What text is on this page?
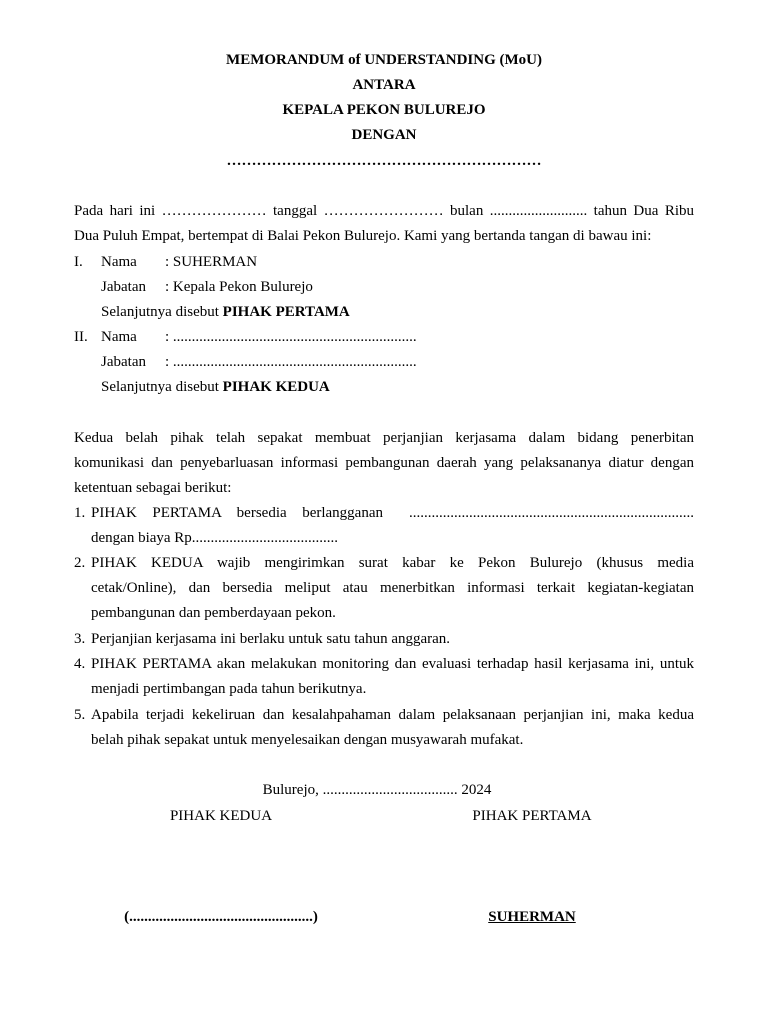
MEMORANDUM of UNDERSTANDING (MoU)
ANTARA
KEPALA PEKON BULUREJO
DENGAN
………………………………………………………
Pada hari ini ………………… tanggal …………………… bulan .......................... tahun Dua Ribu
Dua Puluh Empat, bertempat di Balai Pekon Bulurejo. Kami yang bertanda tangan di bawau ini:
I. Nama : SUHERMAN
Jabatan : Kepala Pekon Bulurejo
Selanjutnya disebut PIHAK PERTAMA
II. Nama : .................................................................
Jabatan : .................................................................
Selanjutnya disebut PIHAK KEDUA
Kedua belah pihak telah sepakat membuat perjanjian kerjasama dalam bidang penerbitan
komunikasi dan penyebarluasan informasi pembangunan daerah yang pelaksananya diatur dengan
ketentuan sebagai berikut:
1. PIHAK PERTAMA bersedia berlangganan ............................................................................
dengan biaya Rp.......................................
2. PIHAK KEDUA wajib mengirimkan surat kabar ke Pekon Bulurejo (khusus media
cetak/Online), dan bersedia meliput atau menerbitkan informasi terkait kegiatan-kegiatan
pembangunan dan pemberdayaan pekon.
3. Perjanjian kerjasama ini berlaku untuk satu tahun anggaran.
4. PIHAK PERTAMA akan melakukan monitoring dan evaluasi terhadap hasil kerjasama ini, untuk
menjadi pertimbangan pada tahun berikutnya.
5. Apabila terjadi kekeliruan dan kesalahpahaman dalam pelaksanaan perjanjian ini, maka kedua
belah pihak sepakat untuk menyelesaikan dengan musyawarah mufakat.
Bulurejo, .................................... 2024
PIHAK KEDUA	PIHAK PERTAMA
(.................................................)	SUHERMAN
